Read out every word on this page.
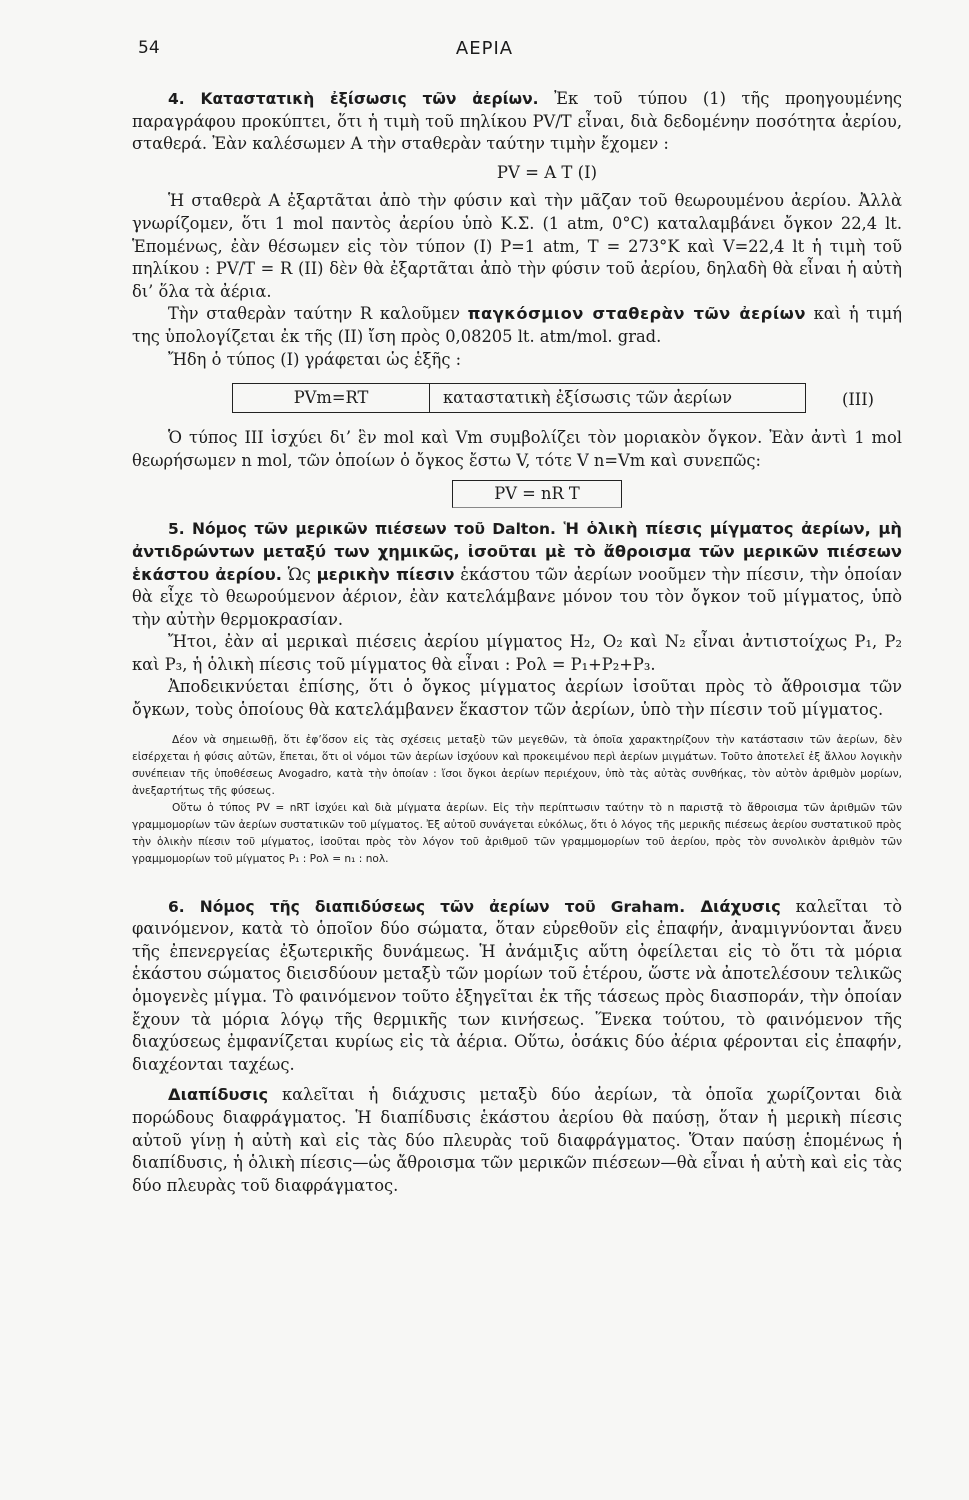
54	ΑΕΡΙΑ

4. Καταστατικὴ ἐξίσωσις τῶν ἀερίων. Ἐκ τοῦ τύπου (1) τῆς προηγουμένης παραγράφου προκύπτει, ὅτι ἡ τιμὴ τοῦ πηλίκου PV/T εἶναι, διὰ δεδομένην ποσότητα ἀερίου, σταθερά. Ἐὰν καλέσωμεν A τὴν σταθερὰν ταύτην τιμὴν ἔχομεν :

PV = A T (I)

Ἡ σταθερὰ A ἐξαρτᾶται ἀπὸ τὴν φύσιν καὶ τὴν μᾶζαν τοῦ θεωρουμένου ἀερίου. Ἀλλὰ γνωρίζομεν, ὅτι 1 mol παντὸς ἀερίου ὑπὸ Κ.Σ. (1 atm, 0°C) καταλαμβάνει ὄγκον 22,4 lt. Ἑπομένως, ἐὰν θέσωμεν εἰς τὸν τύπον (I) P=1 atm, T = 273°K καὶ V=22,4 lt ἡ τιμὴ τοῦ πηλίκου : PV/T = R (II) δὲν θὰ ἐξαρτᾶται ἀπὸ τὴν φύσιν τοῦ ἀερίου, δηλαδὴ θὰ εἶναι ἡ αὐτὴ δι’ ὅλα τὰ ἀέρια.

Τὴν σταθερὰν ταύτην R καλοῦμεν παγκόσμιον σταθερὰν τῶν ἀερίων καὶ ἡ τιμή της ὑπολογίζεται ἐκ τῆς (II) ἴση πρὸς 0,08205 lt. atm/mol. grad.

Ἤδη ὁ τύπος (I) γράφεται ὡς ἑξῆς :

PVm=RT	καταστατικὴ ἐξίσωσις τῶν ἀερίων	(III)

Ὁ τύπος III ἰσχύει δι’ ἓν mol καὶ Vm συμβολίζει τὸν μοριακὸν ὄγκον. Ἐὰν ἀντὶ 1 mol θεωρήσωμεν n mol, τῶν ὁποίων ὁ ὄγκος ἔστω V, τότε V n=Vm καὶ συνεπῶς:

PV = nR T

5. Νόμος τῶν μερικῶν πιέσεων τοῦ Dalton. Ἡ ὁλικὴ πίεσις μίγματος ἀερίων, μὴ ἀντιδρώντων μεταξύ των χημικῶς, ἰσοῦται μὲ τὸ ἄθροισμα τῶν μερικῶν πιέσεων ἑκάστου ἀερίου. Ὡς μερικὴν πίεσιν ἑκάστου τῶν ἀερίων νοοῦμεν τὴν πίεσιν, τὴν ὁποίαν θὰ εἶχε τὸ θεωρούμενον ἀέριον, ἐὰν κατελάμβανε μόνον του τὸν ὄγκον τοῦ μίγματος, ὑπὸ τὴν αὐτὴν θερμοκρασίαν.

Ἤτοι, ἐὰν αἱ μερικαὶ πιέσεις ἀερίου μίγματος H₂, O₂ καὶ N₂ εἶναι ἀντιστοίχως P₁, P₂ καὶ P₃, ἡ ὁλικὴ πίεσις τοῦ μίγματος θὰ εἶναι : Pολ = P₁+P₂+P₃.

Ἀποδεικνύεται ἐπίσης, ὅτι ὁ ὄγκος μίγματος ἀερίων ἰσοῦται πρὸς τὸ ἄθροισμα τῶν ὄγκων, τοὺς ὁποίους θὰ κατελάμβανεν ἕκαστον τῶν ἀερίων, ὑπὸ τὴν πίεσιν τοῦ μίγματος.

Δέον νὰ σημειωθῇ, ὅτι ἐφ’ὅσον εἰς τὰς σχέσεις μεταξὺ τῶν μεγεθῶν, τὰ ὁποῖα χαρακτηρίζουν τὴν κατάστασιν τῶν ἀερίων, δὲν εἰσέρχεται ἡ φύσις αὐτῶν, ἕπεται, ὅτι οἱ νόμοι τῶν ἀερίων ἰσχύουν καὶ προκειμένου περὶ ἀερίων μιγμάτων. Τοῦτο ἀποτελεῖ ἐξ ἄλλου λογικὴν συνέπειαν τῆς ὑποθέσεως Avogadro, κατὰ τὴν ὁποίαν : ἴσοι ὄγκοι ἀερίων περιέχουν, ὑπὸ τὰς αὐτὰς συνθήκας, τὸν αὐτὸν ἀριθμὸν μορίων, ἀνεξαρτήτως τῆς φύσεως.

Οὕτω ὁ τύπος PV = nRT ἰσχύει καὶ διὰ μίγματα ἀερίων. Εἰς τὴν περίπτωσιν ταύτην τὸ n παριστᾷ τὸ ἄθροισμα τῶν ἀριθμῶν τῶν γραμμομορίων τῶν ἀερίων συστατικῶν τοῦ μίγματος. Ἐξ αὐτοῦ συνάγεται εὐκόλως, ὅτι ὁ λόγος τῆς μερικῆς πιέσεως ἀερίου συστατικοῦ πρὸς τὴν ὁλικὴν πίεσιν τοῦ μίγματος, ἰσοῦται πρὸς τὸν λόγον τοῦ ἀριθμοῦ τῶν γραμμομορίων τοῦ ἀερίου, πρὸς τὸν συνολικὸν ἀριθμὸν τῶν γραμμομορίων τοῦ μίγματος P₁ : Pολ = n₁ : nολ.

6. Νόμος τῆς διαπιδύσεως τῶν ἀερίων τοῦ Graham. Διάχυσις καλεῖται τὸ φαινόμενον, κατὰ τὸ ὁποῖον δύο σώματα, ὅταν εὑρεθοῦν εἰς ἐπαφήν, ἀναμιγνύονται ἄνευ τῆς ἐπενεργείας ἐξωτερικῆς δυνάμεως. Ἡ ἀνάμιξις αὕτη ὀφείλεται εἰς τὸ ὅτι τὰ μόρια ἑκάστου σώματος διεισδύουν μεταξὺ τῶν μορίων τοῦ ἑτέρου, ὥστε νὰ ἀποτελέσουν τελικῶς ὁμογενὲς μίγμα. Τὸ φαινόμενον τοῦτο ἐξηγεῖται ἐκ τῆς τάσεως πρὸς διασποράν, τὴν ὁποίαν ἔχουν τὰ μόρια λόγῳ τῆς θερμικῆς των κινήσεως. Ἕνεκα τούτου, τὸ φαινόμενον τῆς διαχύσεως ἐμφανίζεται κυρίως εἰς τὰ ἀέρια. Οὕτω, ὁσάκις δύο ἀέρια φέρονται εἰς ἐπαφήν, διαχέονται ταχέως.

Διαπίδυσις καλεῖται ἡ διάχυσις μεταξὺ δύο ἀερίων, τὰ ὁποῖα χωρίζονται διὰ πορώδους διαφράγματος. Ἡ διαπίδυσις ἑκάστου ἀερίου θὰ παύσῃ, ὅταν ἡ μερικὴ πίεσις αὐτοῦ γίνῃ ἡ αὐτὴ καὶ εἰς τὰς δύο πλευρὰς τοῦ διαφράγματος. Ὅταν παύσῃ ἑπομένως ἡ διαπίδυσις, ἡ ὁλικὴ πίεσις—ὡς ἄθροισμα τῶν μερικῶν πιέσεων—θὰ εἶναι ἡ αὐτὴ καὶ εἰς τὰς δύο πλευρὰς τοῦ διαφράγματος.
